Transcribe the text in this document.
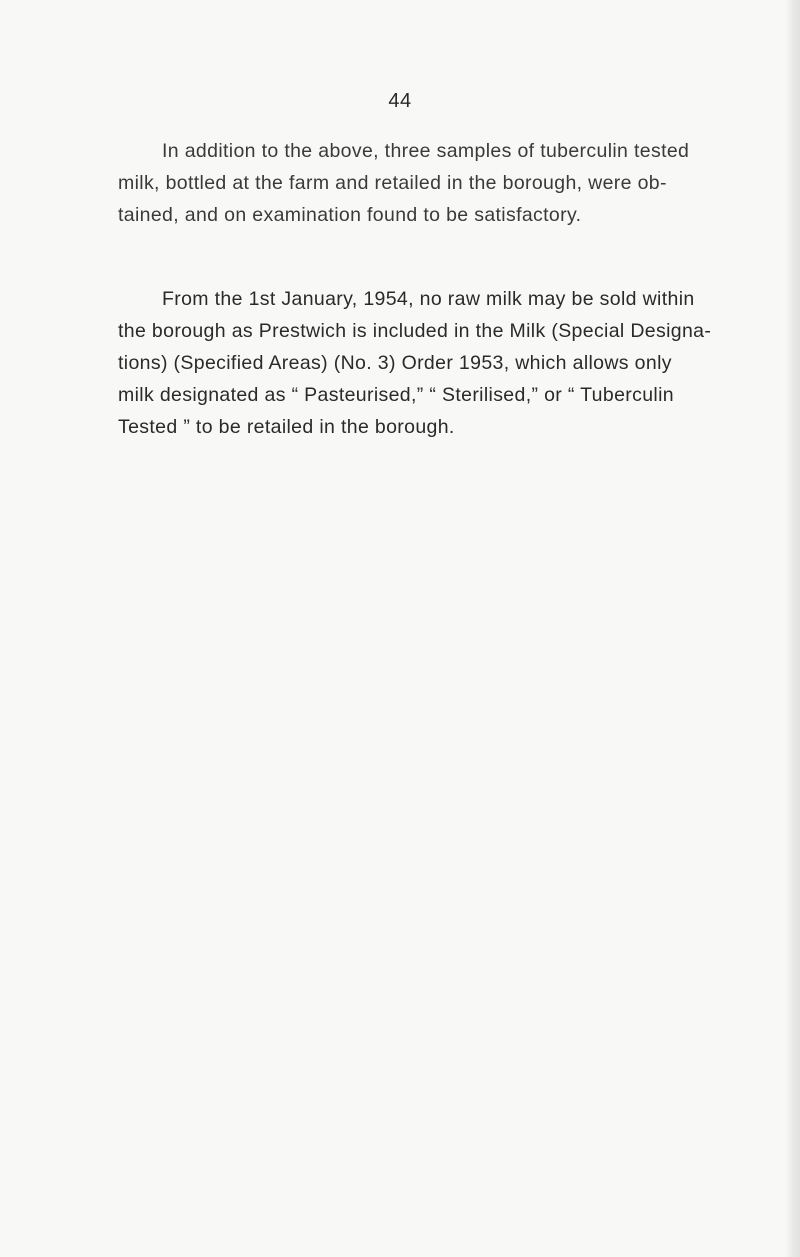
44
In addition to the above, three samples of tuberculin tested
milk, bottled at the farm and retailed in the borough, were ob-
tained, and on examination found to be satisfactory.
From the 1st January, 1954, no raw milk may be sold within
the borough as Prestwich is included in the Milk (Special Designa-
tions) (Specified Areas) (No. 3) Order 1953, which allows only
milk designated as “ Pasteurised,” “ Sterilised,” or “ Tuberculin
Tested ” to be retailed in the borough.
